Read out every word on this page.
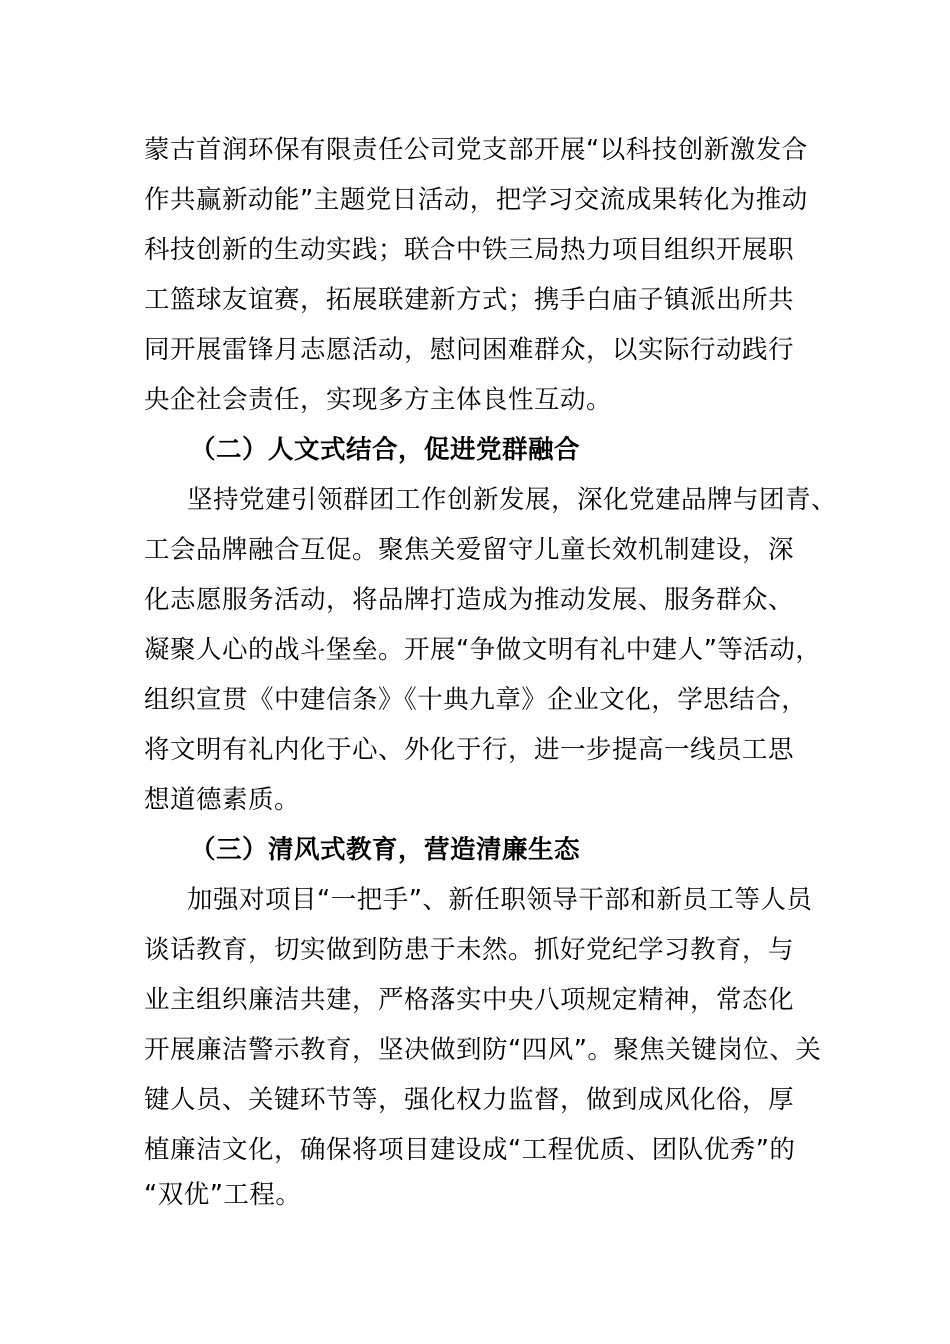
蒙古首润环保有限责任公司党支部开展“以科技创新激发合
作共赢新动能”主题党日活动，把学习交流成果转化为推动
科技创新的生动实践；联合中铁三局热力项目组织开展职
工篮球友谊赛，拓展联建新方式；携手白庙子镇派出所共
同开展雷锋月志愿活动，慰问困难群众，以实际行动践行
央企社会责任，实现多方主体良性互动。
（二）人文式结合，促进党群融合
坚持党建引领群团工作创新发展，深化党建品牌与团青、
工会品牌融合互促。聚焦关爱留守儿童长效机制建设，深
化志愿服务活动，将品牌打造成为推动发展、服务群众、
凝聚人心的战斗堡垒。开展“争做文明有礼中建人”等活动，
组织宣贯《中建信条》《十典九章》企业文化，学思结合，
将文明有礼内化于心、外化于行，进一步提高一线员工思
想道德素质。
（三）清风式教育，营造清廉生态
加强对项目“一把手”、新任职领导干部和新员工等人员
谈话教育，切实做到防患于未然。抓好党纪学习教育，与
业主组织廉洁共建，严格落实中央八项规定精神，常态化
开展廉洁警示教育，坚决做到防“四风”。聚焦关键岗位、关
键人员、关键环节等，强化权力监督，做到成风化俗，厚
植廉洁文化，确保将项目建设成“工程优质、团队优秀”的
“双优”工程。
